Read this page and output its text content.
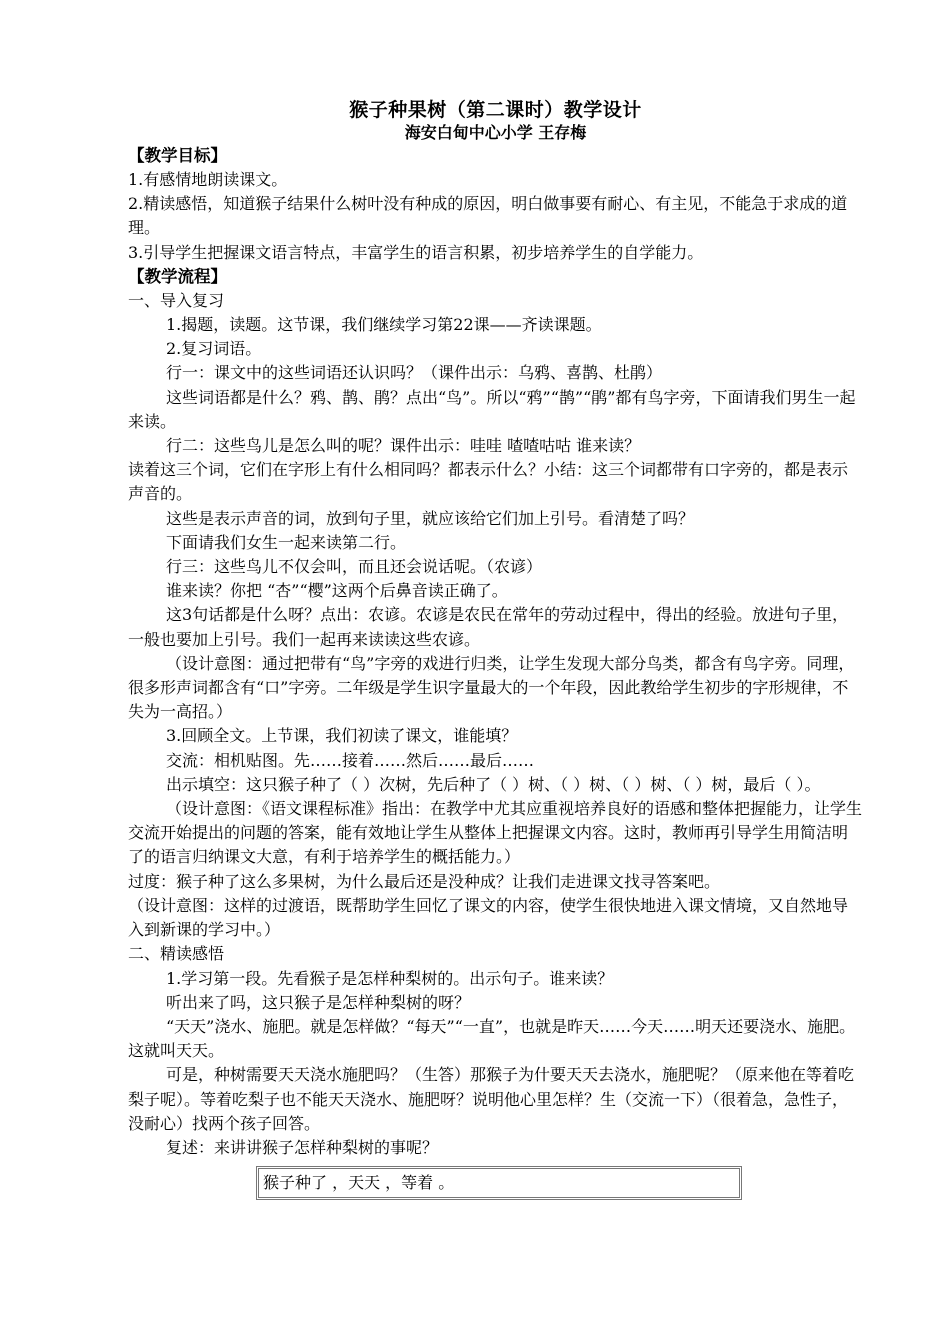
猴子种果树（第二课时）教学设计
海安白甸中心小学 王存梅
【教学目标】

1.有感情地朗读课文。

2.精读感悟，知道猴子结果什么树叶没有种成的原因，明白做事要有耐心、有主见，不能急于求成的道理。

3.引导学生把握课文语言特点，丰富学生的语言积累，初步培养学生的自学能力。

【教学流程】

一、导入复习

1.揭题，读题。这节课，我们继续学习第22课——齐读课题。

2.复习词语。

行一：课文中的这些词语还认识吗？（课件出示：乌鸦、喜鹊、杜鹃）

这些词语都是什么？鸦、鹊、鹃？点出“鸟”。所以“鸦”“鹊”“鹃”都有鸟字旁，下面请我们男生一起来读。

行二：这些鸟儿是怎么叫的呢？课件出示：哇哇 喳喳咕咕 谁来读？

读着这三个词，它们在字形上有什么相同吗？都表示什么？小结：这三个词都带有口字旁的，都是表示声音的。

这些是表示声音的词，放到句子里，就应该给它们加上引号。看清楚了吗？

下面请我们女生一起来读第二行。

行三：这些鸟儿不仅会叫，而且还会说话呢。（农谚）

谁来读？你把 “杏”“樱”这两个后鼻音读正确了。

这3句话都是什么呀？点出：农谚。农谚是农民在常年的劳动过程中，得出的经验。放进句子里，一般也要加上引号。我们一起再来读读这些农谚。

（设计意图：通过把带有“鸟”字旁的戏进行归类，让学生发现大部分鸟类，都含有鸟字旁。同理，很多形声词都含有“口”字旁。二年级是学生识字量最大的一个年段，因此教给学生初步的字形规律，不失为一高招。）

3.回顾全文。上节课，我们初读了课文，谁能填？

交流：相机贴图。先……接着……然后……最后……

出示填空：这只猴子种了（ ）次树，先后种了（ ）树、（ ）树、（ ）树、（ ）树，最后（ ）。

（设计意图：《语文课程标准》指出：在教学中尤其应重视培养良好的语感和整体把握能力，让学生交流开始提出的问题的答案，能有效地让学生从整体上把握课文内容。这时，教师再引导学生用简洁明了的语言归纳课文大意，有利于培养学生的概括能力。）

过度：猴子种了这么多果树，为什么最后还是没种成？让我们走进课文找寻答案吧。

（设计意图：这样的过渡语，既帮助学生回忆了课文的内容，使学生很快地进入课文情境，又自然地导入到新课的学习中。）

二、精读感悟

1.学习第一段。先看猴子是怎样种梨树的。出示句子。谁来读？

听出来了吗，这只猴子是怎样种梨树的呀？

“天天”浇水、施肥。就是怎样做？“每天”“一直”，也就是昨天……今天……明天还要浇水、施肥。这就叫天天。

可是，种树需要天天浇水施肥吗？（生答）那猴子为什要天天去浇水，施肥呢？（原来他在等着吃梨子呢）。等着吃梨子也不能天天浇水、施肥呀？说明他心里怎样？生（交流一下）（很着急，急性子，没耐心）找两个孩子回答。

复述：来讲讲猴子怎样种梨树的事呢？

猴子种了 ，天天 ，等着 。
